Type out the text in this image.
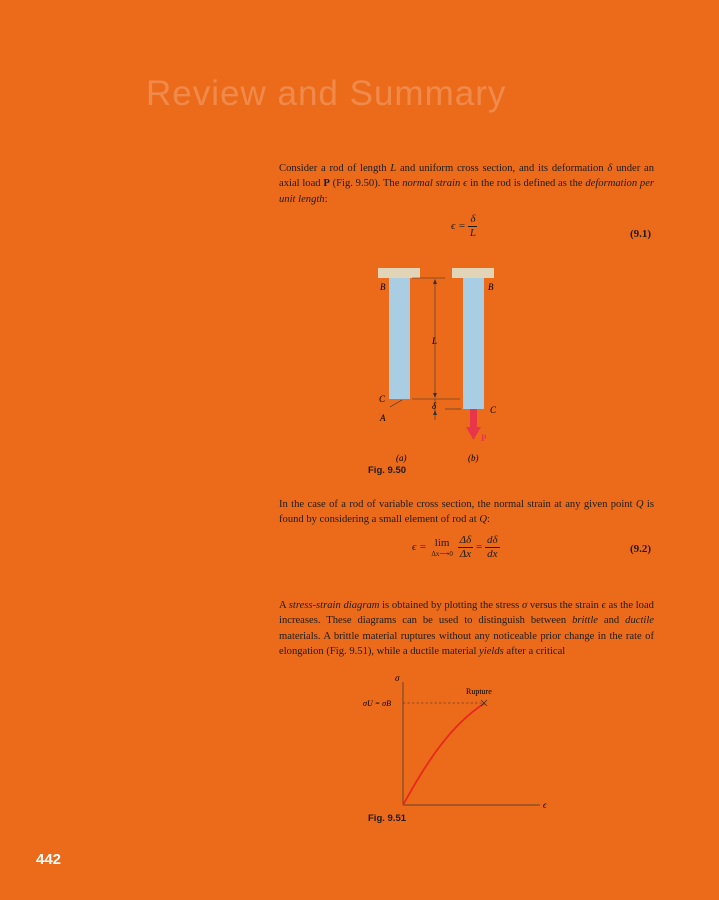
Review and Summary

Consider a rod of length L and uniform cross section, and its deformation δ under an axial load P (Fig. 9.50). The normal strain ϵ in the rod is defined as the deformation per unit length:

$\epsilon = \frac{\delta}{L}$	(9.1)
B	B
L
C
C
A
δ
P
(a)	(b)
Fig. 9.50

In the case of a rod of variable cross section, the normal strain at any given point Q is found by considering a small element of rod at Q:

ϵ = lim
Δx⟶0
$\frac{\Delta\delta}{\Delta x} = \frac{d\delta}{dx}$	(9.2)

A stress-strain diagram is obtained by plotting the stress σ versus the strain ϵ as the load increases. These diagrams can be used to distinguish between brittle and ductile materials. A brittle material ruptures without any noticeable prior change in the rate of elongation (Fig. 9.51), while a ductile material yields after a critical

σ
ϵ
σU = σB
Rupture
Fig. 9.51
442
